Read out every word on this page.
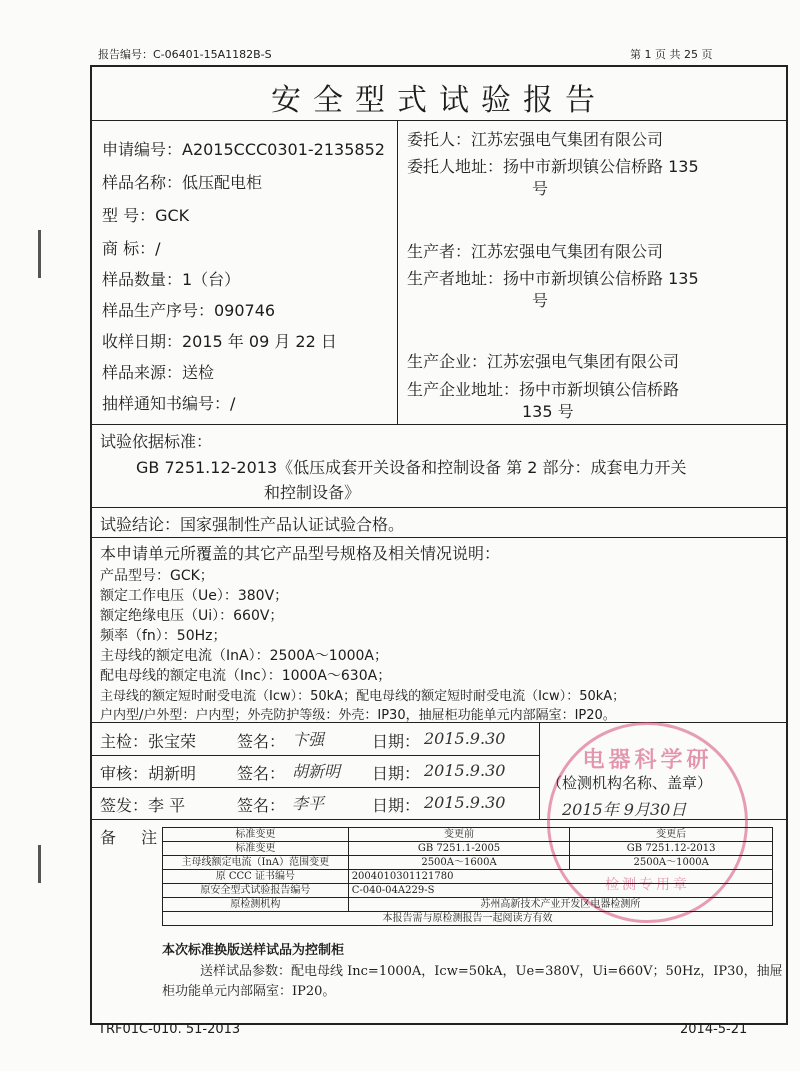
报告编号：C-06401-15A1182B-S	第 1 页 共 25 页
安全型式试验报告
申请编号：A2015CCC0301-2135852
样品名称：低压配电柜
型 号：GCK
商 标：/
样品数量：1（台）
样品生产序号：090746
收样日期：2015 年 09 月 22 日
样品来源：送检
抽样通知书编号：/
委托人：江苏宏强电气集团有限公司
委托人地址：扬中市新坝镇公信桥路 135
号
生产者：江苏宏强电气集团有限公司
生产者地址：扬中市新坝镇公信桥路 135
号
生产企业：江苏宏强电气集团有限公司
生产企业地址：扬中市新坝镇公信桥路
135 号
试验依据标准：
GB 7251.12-2013《低压成套开关设备和控制设备 第 2 部分：成套电力开关
和控制设备》
试验结论：国家强制性产品认证试验合格。
本申请单元所覆盖的其它产品型号规格及相关情况说明：
产品型号：GCK；
额定工作电压（Ue）：380V；
额定绝缘电压（Ui）：660V；
频率（fn）：50Hz；
主母线的额定电流（InA）：2500A～1000A；
配电母线的额定电流（Inc）：1000A～630A；
主母线的额定短时耐受电流（Icw）：50kA；配电母线的额定短时耐受电流（Icw）：50kA；
户内型/户外型：户内型；外壳防护等级：外壳：IP30，抽屉柜功能单元内部隔室：IP20。
主检：张宝荣	签名： 卞强	日期： 2015.9.30
审核：胡新明	签名： 胡新明 日期： 2015.9.30
签发：李 平	签名： 李平	日期： 2015.9.30
电器科学研
检测专用章
（检测机构名称、盖章）
2015年 9月30日
备 注	标准变更	变更前	变更后
标准变更	GB 7251.1-2005	GB 7251.12-2013
主母线额定电流（InA）范围变更	2500A～1600A	2500A～1000A
原 CCC 证书编号	2004010301121780	
原安全型式试验报告编号	C-040-04A229-S	
原检测机构	苏州高新技术产业开发区电器检测所	
本报告需与原检测报告一起阅读方有效		
本次标准换版送样试品为控制柜
送样试品参数：配电母线 Inc=1000A，Icw=50kA，Ue=380V，Ui=660V；50Hz，IP30，抽屉
柜功能单元内部隔室：IP20。
TRF01C-010. 51-2013	2014-5-21
